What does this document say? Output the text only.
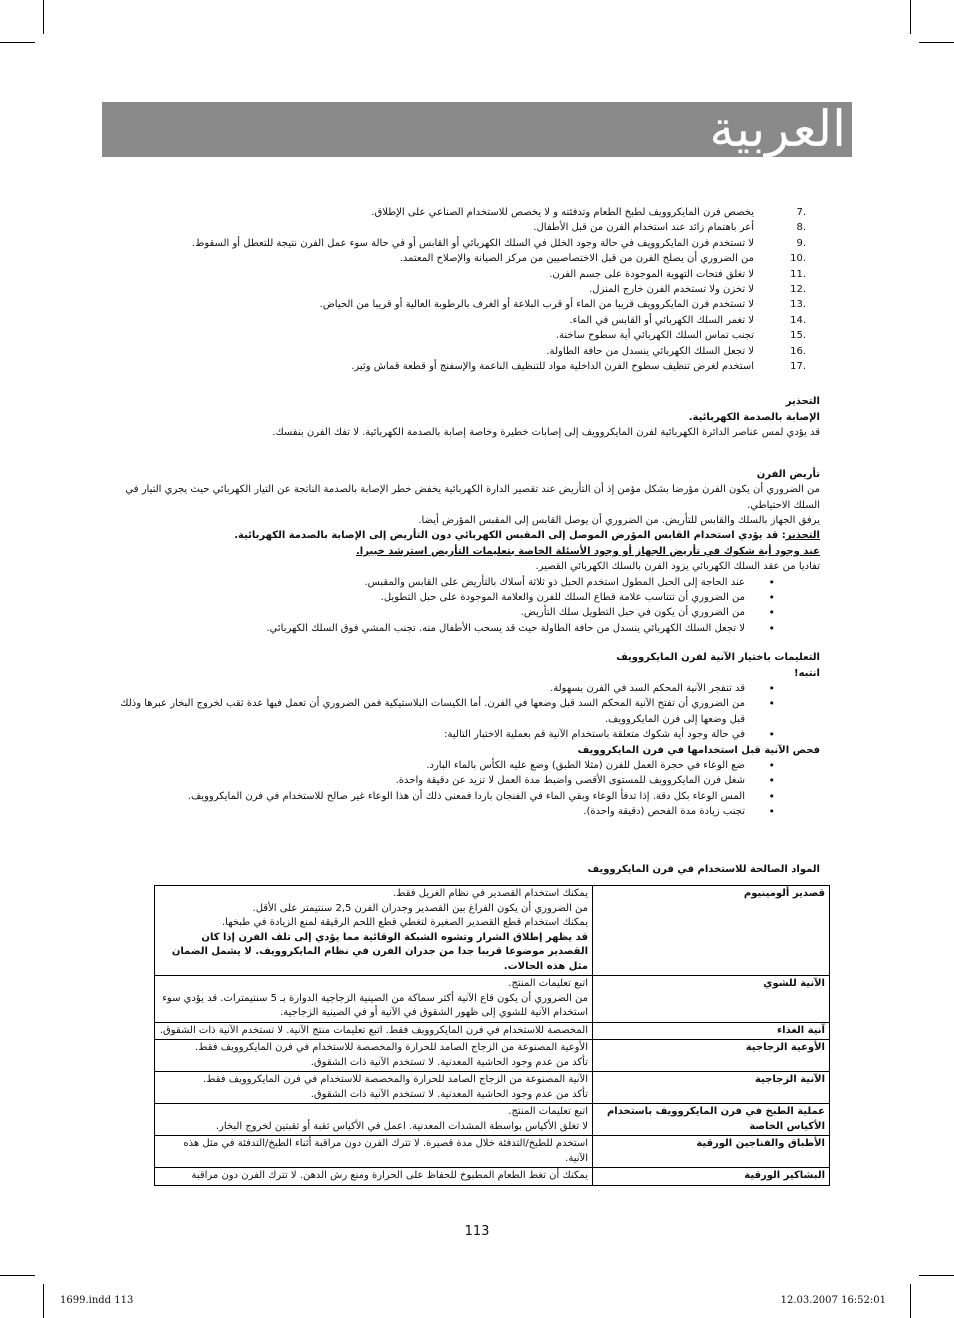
العربية
.7
يخصص فرن المايكروويف لطبخ الطعام وتدفئته و لا يخصص للاستخدام الصناعي على الإطلاق.
.8
أعر باهتمام زائد عند استخدام الفرن من قبل الأطفال.
.9
لا تستخدم فرن المايكروويف في حالة وجود الخلل في السلك الكهربائي أو القابس أو في حالة سوء عمل الفرن نتيجة للتعطل أو السقوط.
.10
من الضروري أن يصلح الفرن من قبل الاختصاصيين من مركز الصيانة والإصلاح المعتمد.
.11
لا تغلق فتحات التهوية الموجودة على جسم الفرن.
.12
لا تخزن ولا تستخدم الفرن خارج المنزل.
.13
لا تستخدم فرن المايكروويف قريبا من الماء أو قرب البلاعة أو الغرف بالرطوبة العالية أو قريبا من الحياض.
.14
لا تغمر السلك الكهربائي أو القابس في الماء.
.15
تجنب تماس السلك الكهربائي أية سطوح ساخنة.
.16
لا تجعل السلك الكهربائي ينسدل من حافة الطاولة.
.17
استخدم لغرض تنظيف سطوح الفرن الداخلية مواد للتنظيف الناعمة والإسفنج أو قطعة قماش وثير.
التحذير
الإصابة بالصدمة الكهربائية.
قد يؤدي لمس عناصر الدائرة الكهربائية لفرن المايكروويف إلى إصابات خطيرة وخاصة إصابة بالصدمة الكهربائية. لا تفك الفرن بنفسك.
تأريض الفرن
من الضروري أن يكون الفرن مؤرضا بشكل مؤمن إذ أن التأريض عند تقصير الدارة الكهربائية يخفض خطر الإصابة بالصدمة الناتجة عن التيار الكهربائي حيث يجري التيار في السلك الاحتياطي.
يرفق الجهاز بالسلك والقابس للتأريض. من الضروري أن يوصل القابس إلى المقبس المؤرض أيضا.
التحذير: قد يؤدي استخدام القابس المؤرض الموصل إلى المقبس الكهربائي دون التأريض إلى الإصابة بالصدمة الكهربائية.
عند وجود أية شكوك في تأريض الجهاز أو وجود الأسئلة الخاصة بتعليمات التأريض استرشد خبيرا.
تفاديا من عقد السلك الكهربائي يزود الفرن بالسلك الكهربائي القصير.
• عند الحاجة إلى الحبل المطول استخدم الحبل ذو ثلاثة أسلاك بالتأريض على القابس والمقبس.
• من الضروري أن تتناسب علامة قطاع السلك للفرن والعلامة الموجودة على حبل التطويل.
• من الضروري أن يكون في حبل التطويل سلك التأريض.
• لا تجعل السلك الكهربائي ينسدل من حافة الطاولة حيث قد يسحب الأطفال منه. تجنب المشي فوق السلك الكهربائي.
التعليمات باختيار الآنية لفرن المايكروويف
انتبه!
• قد تنفجر الآنية المحكم السد في الفرن بسهولة.
• من الضروري أن تفتح الآنية المحكم السد قبل وضعها في الفرن. أما الكيسات البلاستيكية فمن الضروري أن تعمل فيها عدة ثقب لخروج البخار عبرها وذلك قبل وضعها إلى فرن المايكروويف.
• في حالة وجود أية شكوك متعلقة باستخدام الآنية قم بعملية الاختبار التالية:
فحص الآنية قبل استخدامها في فرن المايكروويف
• ضع الوعاء في حجرة العمل للفرن (مثلا الطبق) وضع عليه الكأس بالماء البارد.
• شغل فرن المايكروويف للمستوى الأقصى واضبط مدة العمل لا تزيد عن دقيقة واحدة.
• المس الوعاء بكل دقة. إذا تدفأ الوعاء وبقي الماء في الفنجان باردا فمعنى ذلك أن هذا الوعاء غير صالح للاستخدام في فرن المايكروويف.
• تجنب زيادة مدة الفحص (دقيقة واحدة).
المواد الصالحة للاستخدام في فرن المايكروويف
قصدير ألومينيوم	يمكنك استخدام القصدير في نظام الغريل فقط.
من الضروري أن يكون الفراغ بين القصدير وجدران الفرن 2,5 سنتيمتر على الأقل.
يمكنك استخدام قطع القصدير الصغيرة لتغطي قطع اللحم الرقيقة لمنع الزيادة في طبخها.
قد يظهر إطلاق الشرار وتشوه الشبكة الوقائية مما يؤدي إلى تلف الفرن إذا كان القصدير موضوعا قريبا جدا من جدران الفرن في نظام المايكروويف. لا يشمل الضمان مثل هذه الحالات.

الآنية للشوي	اتبع تعليمات المنتج.
من الضروري أن يكون قاع الآنية أكثر سماكة من الصينية الزجاجية الدوارة بـ 5 سنتيمترات. قد يؤدي سوء استخدام الآنية للشوي إلى ظهور الشقوق في الآنية أو في الصينية الزجاجية.

آنية الغذاء	المخصصة للاستخدام في فرن المايكروويف فقط. اتبع تعليمات منتج الآنية. لا تستخدم الآنية ذات الشقوق.

الأوعية الزجاجية	الأوعية المصنوعة من الزجاج الصامد للحرارة والمخصصة للاستخدام في فرن المايكروويف فقط.
تأكد من عدم وجود الحاشية المعدنية. لا تستخدم الآنية ذات الشقوق.

الآنية الزجاجية	الآنية المصنوعة من الزجاج الصامد للحرارة والمخصصة للاستخدام في فرن المايكروويف فقط.
تأكد من عدم وجود الحاشية المعدنية. لا تستخدم الآنية ذات الشقوق.

عملية الطبخ في فرن المايكروويف باستخدام الأكياس الخاصة	اتبع تعليمات المنتج.
لا تغلق الأكياس بواسطة المشدات المعدنية. اعمل في الأكياس ثقبة أو ثقبتين لخروج البخار.

الأطباق والفناجين الورقية	استخدم للطبخ/التدفئة خلال مدة قصيرة. لا تترك الفرن دون مراقبة أثناء الطبخ/التدفئة في مثل هذه الآنية.

البشاكير الورقية	يمكنك أن تغط الطعام المطبوخ للحفاظ على الحرارة ومنع رش الدهن. لا تترك الفرن دون مراقبة
113
1699.indd 113	12.03.2007 16:52:01
